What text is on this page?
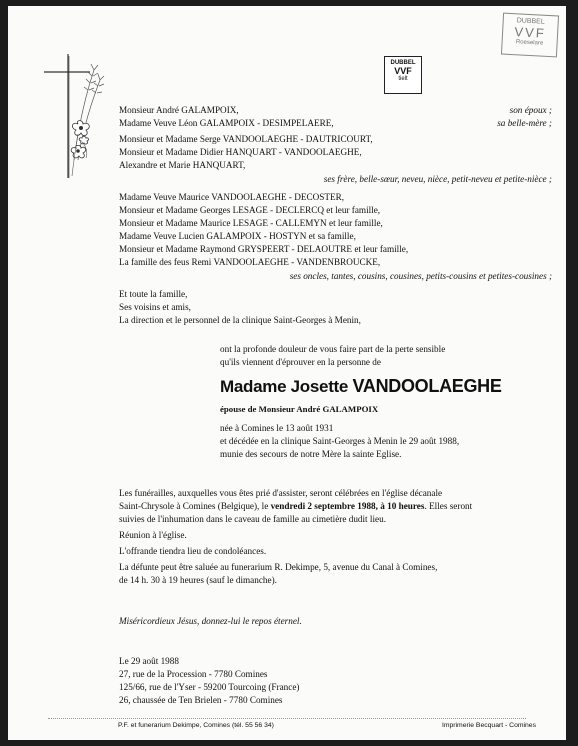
DUBBEL
VVF
Roeselare
DUBBEL
VVF
tielt
Monsieur André GALAMPOIX,	son époux ;
Madame Veuve Léon GALAMPOIX - DESIMPELAERE,	sa belle-mère ;
Monsieur et Madame Serge VANDOOLAEGHE - DAUTRICOURT,
Monsieur et Madame Didier HANQUART - VANDOOLAEGHE,
Alexandre et Marie HANQUART,
ses frère, belle-sœur, neveu, nièce, petit-neveu et petite-nièce ;
Madame Veuve Maurice VANDOOLAEGHE - DECOSTER,
Monsieur et Madame Georges LESAGE - DECLERCQ et leur famille,
Monsieur et Madame Maurice LESAGE - CALLEMYN et leur famille,
Madame Veuve Lucien GALAMPOIX - HOSTYN et sa famille,
Monsieur et Madame Raymond GRYSPEERT - DELAOUTRE et leur famille,
La famille des feus Remi VANDOOLAEGHE - VANDENBROUCKE,
ses oncles, tantes, cousins, cousines, petits-cousins et petites-cousines ;
Et toute la famille,
Ses voisins et amis,
La direction et le personnel de la clinique Saint-Georges à Menin,
ont la profonde douleur de vous faire part de la perte sensible
qu'ils viennent d'éprouver en la personne de
Madame Josette VANDOOLAEGHE
épouse de Monsieur André GALAMPOIX
née à Comines le 13 août 1931
et décédée en la clinique Saint-Georges à Menin le 29 août 1988,
munie des secours de notre Mère la sainte Eglise.
Les funérailles, auxquelles vous êtes prié d'assister, seront célébrées en l'église décanale
Saint-Chrysole à Comines (Belgique), le vendredi 2 septembre 1988, à 10 heures. Elles seront
suivies de l'inhumation dans le caveau de famille au cimetière dudit lieu.
Réunion à l'église.
L'offrande tiendra lieu de condoléances.
La défunte peut être saluée au funerarium R. Dekimpe, 5, avenue du Canal à Comines,
de 14 h. 30 à 19 heures (sauf le dimanche).
Miséricordieux Jésus, donnez-lui le repos éternel.
Le 29 août 1988
27, rue de la Procession - 7780 Comines
125/66, rue de l'Yser - 59200 Tourcoing (France)
26, chaussée de Ten Brielen - 7780 Comines
P.F. et funerarium Dekimpe, Comines (tél. 55 56 34)	Imprimerie Becquart - Comines
